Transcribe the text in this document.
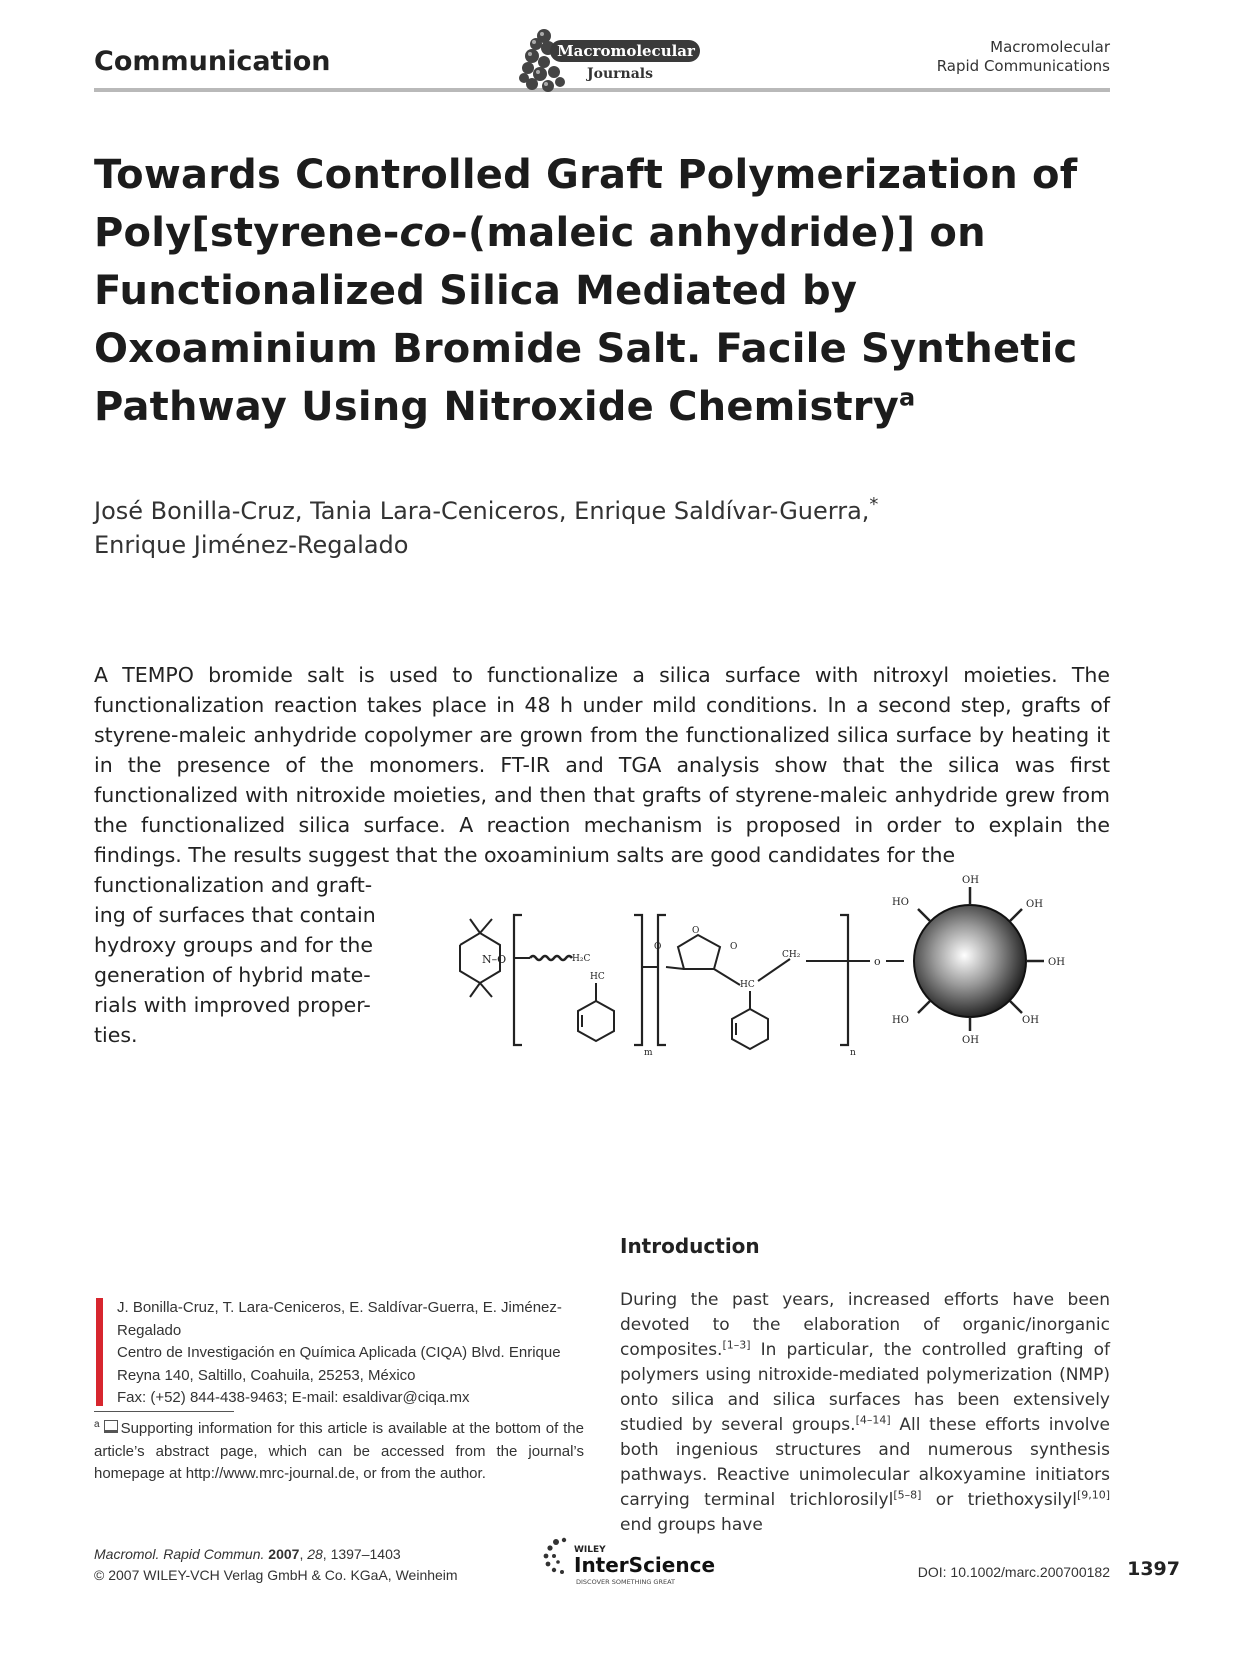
Communication	Macromolecular
Journals
Macromolecular
Rapid Communications
Towards Controlled Graft Polymerization of
Poly[styrene-co-(maleic anhydride)] on
Functionalized Silica Mediated by
Oxoaminium Bromide Salt. Facile Synthetic
Pathway Using Nitroxide Chemistry$^a$
José Bonilla-Cruz, Tania Lara-Ceniceros, Enrique Saldívar-Guerra,*
Enrique Jiménez-Regalado

A TEMPO bromide salt is used to functionalize a silica surface with nitroxyl moieties. The functionalization reaction takes place in 48 h under mild conditions. In a second step, grafts of styrene-maleic anhydride copolymer are grown from the functionalized silica surface by heating it in the presence of the monomers. FT-IR and TGA analysis show that the silica was first functionalized with nitroxide moieties, and then that grafts of styrene-maleic anhydride grew from the functionalized silica surface. A reaction mechanism is proposed in order to explain the findings. The results suggest that the oxoaminium salts are good candidates for the

functionalization and graft-
ing of surfaces that contain
hydroxy groups and for the
generation of hybrid mate-
rials with improved proper-
ties.
N–O	H₂C
HC
m
O
O
O
HC
CH₂
n
o
OH
HO	OH
OH
HO	OH
OH
Introduction
During the past years, increased efforts have been devoted to the elaboration of organic/inorganic composites.[1–3] In particular, the controlled grafting of polymers using nitroxide-mediated polymerization (NMP) onto silica and silica surfaces has been extensively studied by several groups.[4–14] All these efforts involve both ingenious structures and numerous synthesis pathways. Reactive unimolecular alkoxyamine initiators carrying terminal trichlorosilyl[5–8] or triethoxysilyl[9,10] end groups have
J. Bonilla-Cruz, T. Lara-Ceniceros, E. Saldívar-Guerra, E. Jiménez-Regalado
Centro de Investigación en Química Aplicada (CIQA) Blvd. Enrique Reyna 140, Saltillo, Coahuila, 25253, México
Fax: (+52) 844-438-9463; E-mail: esaldivar@ciqa.mx
$^a$ Supporting information for this article is available at the bottom of the article’s abstract page, which can be accessed from the journal’s homepage at http://www.mrc-journal.de, or from the author.
Macromol. Rapid Commun. 2007, 28, 1397–1403
© 2007 WILEY-VCH Verlag GmbH & Co. KGaA, Weinheim
WILEY
InterScience
DISCOVER SOMETHING GREAT
DOI: 10.1002/marc.200700182 1397
